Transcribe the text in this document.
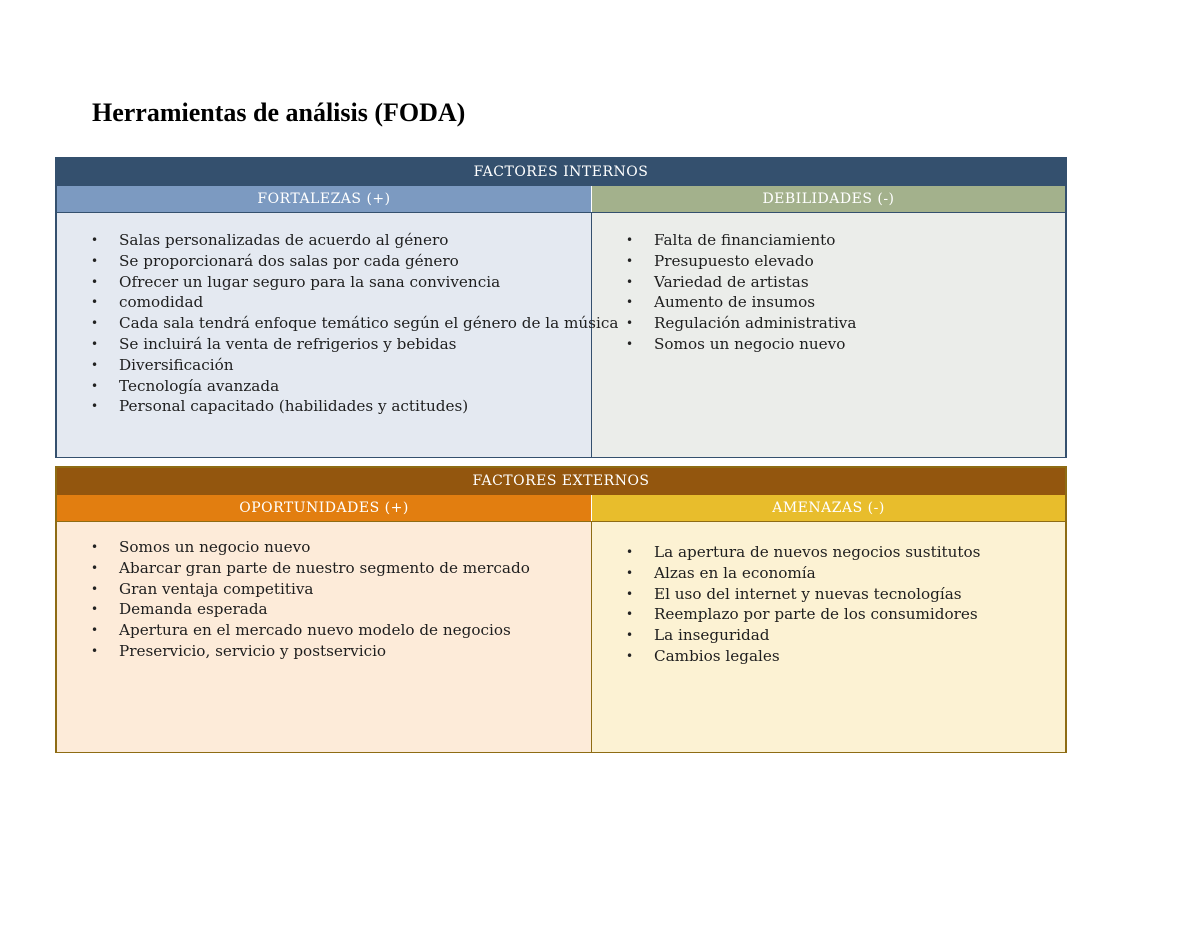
Herramientas de análisis (FODA)
FACTORES INTERNOS
FORTALEZAS (+)	DEBILIDADES (-)
• Salas personalizadas de acuerdo al género
• Se proporcionará dos salas por cada género
• Ofrecer un lugar seguro para la sana convivencia
• comodidad
• Cada sala tendrá enfoque temático según el género de la música
• Se incluirá la venta de refrigerios y bebidas
• Diversificación
• Tecnología avanzada
• Personal capacitado (habilidades y actitudes)
• Falta de financiamiento
• Presupuesto elevado
• Variedad de artistas
• Aumento de insumos
• Regulación administrativa
• Somos un negocio nuevo
FACTORES EXTERNOS
OPORTUNIDADES (+)	AMENAZAS (-)
• Somos un negocio nuevo
• Abarcar gran parte de nuestro segmento de mercado
• Gran ventaja competitiva
• Demanda esperada
• Apertura en el mercado nuevo modelo de negocios
• Preservicio, servicio y postservicio
• La apertura de nuevos negocios sustitutos
• Alzas en la economía
• El uso del internet y nuevas tecnologías
• Reemplazo por parte de los consumidores
• La inseguridad
• Cambios legales
